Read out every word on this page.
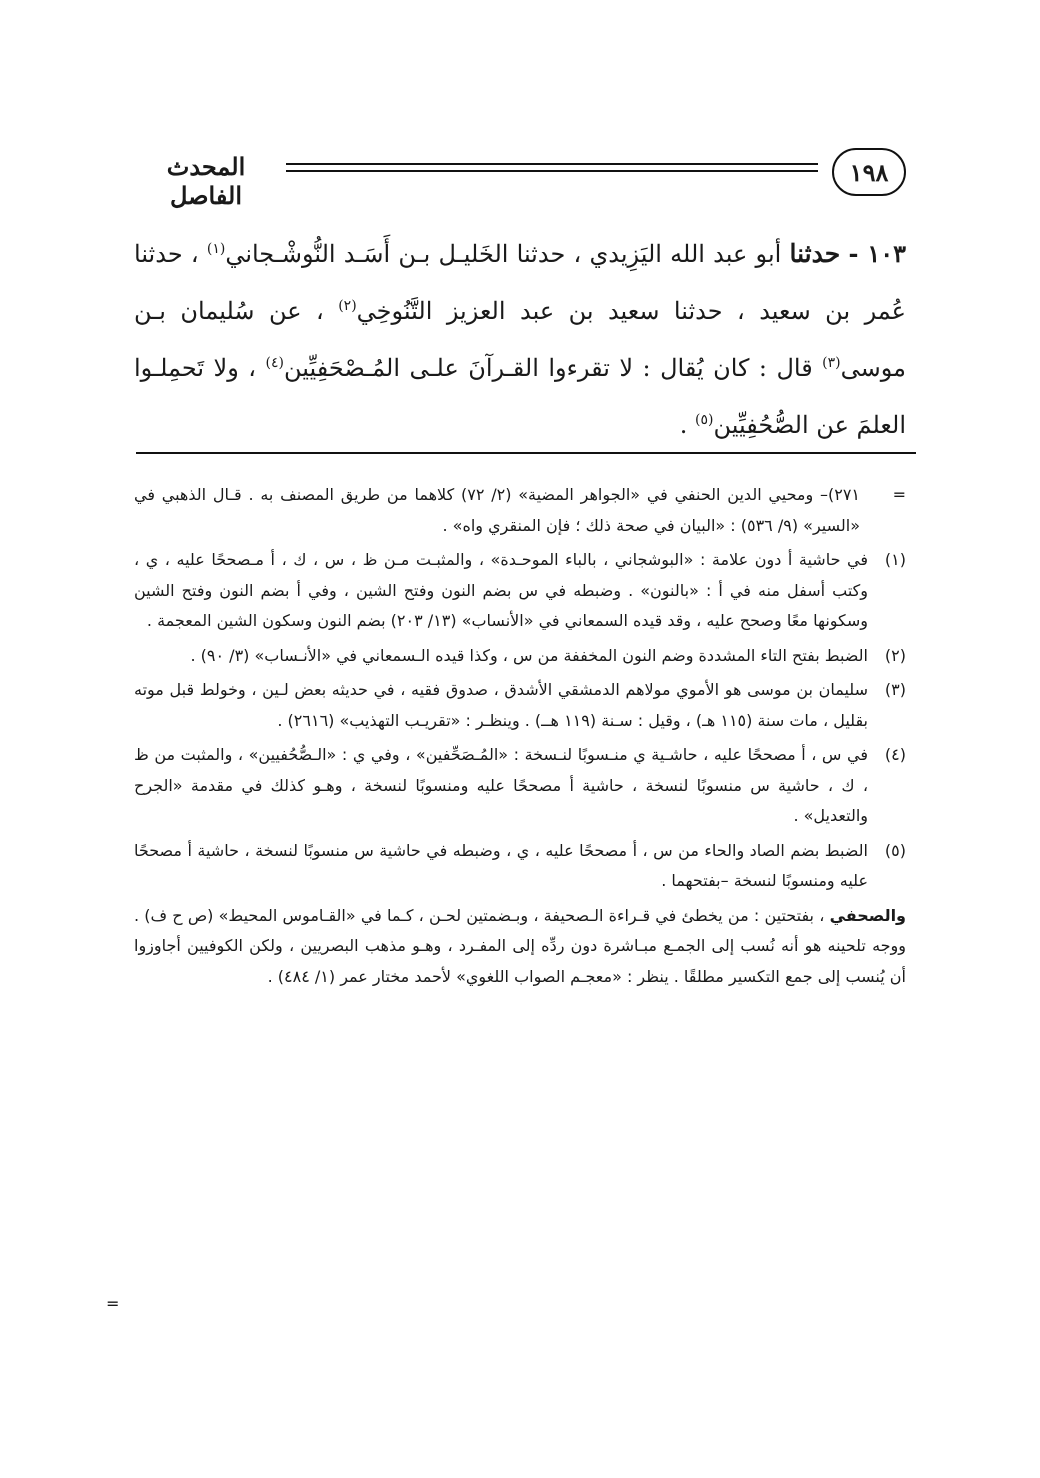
١٩٨
المحدث الفاصل
١٠٣ - حدثنا أبو عبد الله اليَزِيدي ، حدثنا الخَليـل بـن أَسَـد النُّوشْـجاني$^{(١)}$ ، حدثنا عُمر بن سعيد ، حدثنا سعيد بن عبد العزيز التَّنُوخِي$^{(٢)}$ ، عن سُليمان بـن موسى$^{(٣)}$ قال : كان يُقال : لا تقرءوا القـرآنَ علـى المُـصْحَفِيِّين$^{(٤)}$ ، ولا تَحمِلـوا العلمَ عن الصُّحُفِيِّين$^{(٥)}$ .
=
٢٧١)– ومحيي الدين الحنفي في «الجواهر المضية» (٢/ ٧٢) كلاهما من طريق المصنف به . قـال الذهبي في «السير» (٩/ ٥٣٦) : «البيان في صحة ذلك ؛ فإن المنقري واه» .
(١)
في حاشية أ دون علامة : «البوشجاني ، بالباء الموحـدة» ، والمثبـت مـن ظ ، س ، ك ، أ مـصححًا عليه ، ي ، وكتب أسفل منه في أ : «بالنون» . وضبطه في س بضم النون وفتح الشين ، وفي أ بضم النون وفتح الشين وسكونها معًا وصحح عليه ، وقد قيده السمعاني في «الأنساب» (١٣/ ٢٠٣) بضم النون وسكون الشين المعجمة .
(٢)
الضبط بفتح التاء المشددة وضم النون المخففة من س ، وكذا قيده الـسمعاني في «الأنـساب» (٣/ ٩٠) .
(٣)
سليمان بن موسى هو الأموي مولاهم الدمشقي الأشدق ، صدوق فقيه ، في حديثه بعض لـين ، وخولط قبل موته بقليل ، مات سنة (١١٥ هـ) ، وقيل : سـنة (١١٩ هــ) . وينظـر : «تقريـب التهذيب» (٢٦١٦) .
(٤)
في س ، أ مصححًا عليه ، حاشـية ي منـسوبًا لنـسخة : «المُـصَحِّفين» ، وفي ي : «الـصُّحُفيين» ، والمثبت من ظ ، ك ، حاشية س منسوبًا لنسخة ، حاشية أ مصححًا عليه ومنسوبًا لنسخة ، وهـو كذلك في مقدمة «الجرح والتعديل» .
(٥)
الضبط بضم الصاد والحاء من س ، أ مصححًا عليه ، ي ، وضبطه في حاشية س منسوبًا لنسخة ، حاشية أ مصححًا عليه ومنسوبًا لنسخة –بفتحهما .
والصحفي ، بفتحتين : من يخطئ في قـراءة الـصحيفة ، وبـضمتين لحـن ، كـما في «القـاموس المحيط» (ص ح ف) . ووجه تلحينه هو أنه نُسب إلى الجمـع مبـاشرة دون ردِّه إلى المفـرد ، وهـو مذهب البصريين ، ولكن الكوفيين أجاوزوا أن يُنسب إلى جمع التكسير مطلقًا . ينظر : «معجـم الصواب اللغوي» لأحمد مختار عمر (١/ ٤٨٤) .
=
